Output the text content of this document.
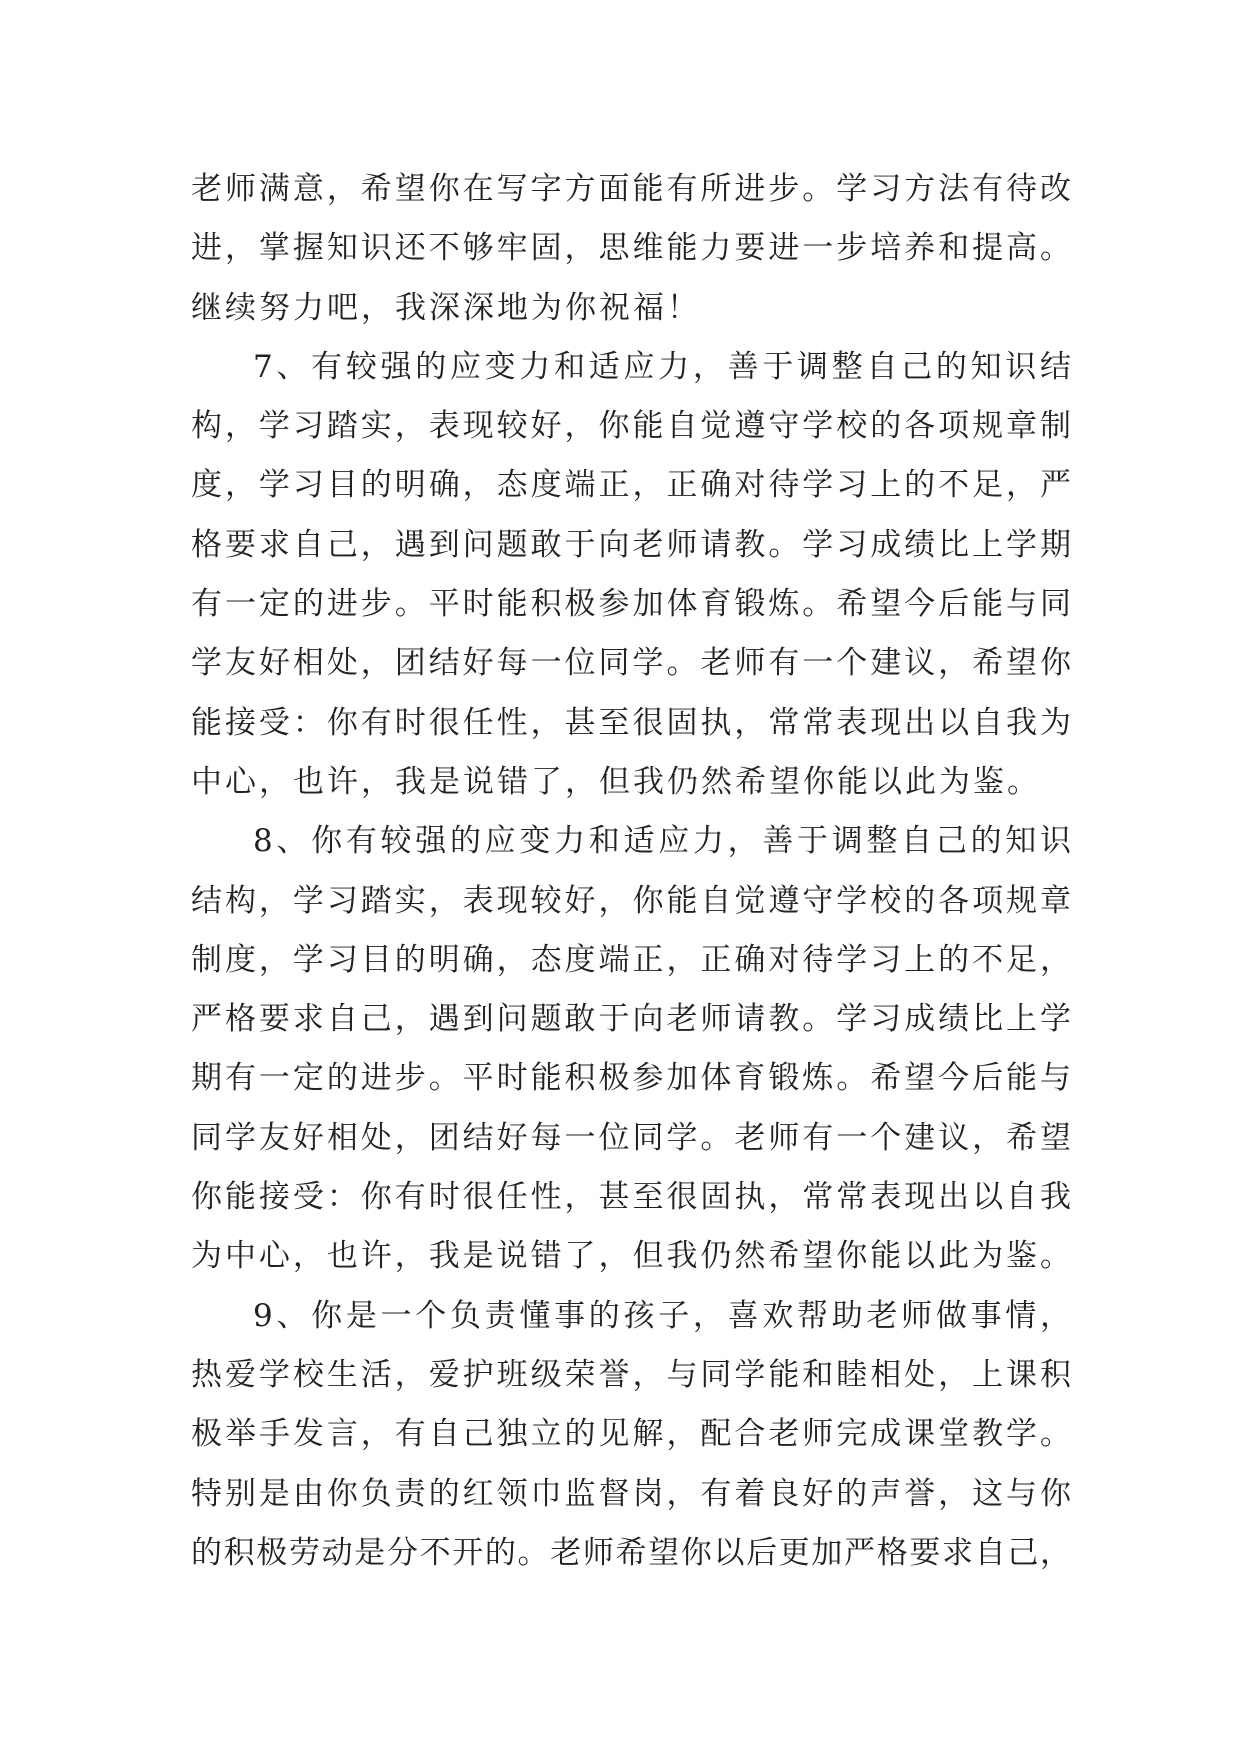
老师满意，希望你在写字方面能有所进步。学习方法有待改
进，掌握知识还不够牢固，思维能力要进一步培养和提高。
继续努力吧，我深深地为你祝福！
7、有较强的应变力和适应力，善于调整自己的知识结
构，学习踏实，表现较好，你能自觉遵守学校的各项规章制
度，学习目的明确，态度端正，正确对待学习上的不足，严
格要求自己，遇到问题敢于向老师请教。学习成绩比上学期
有一定的进步。平时能积极参加体育锻炼。希望今后能与同
学友好相处，团结好每一位同学。老师有一个建议，希望你
能接受：你有时很任性，甚至很固执，常常表现出以自我为
中心，也许，我是说错了，但我仍然希望你能以此为鉴。
8、你有较强的应变力和适应力，善于调整自己的知识
结构，学习踏实，表现较好，你能自觉遵守学校的各项规章
制度，学习目的明确，态度端正，正确对待学习上的不足，
严格要求自己，遇到问题敢于向老师请教。学习成绩比上学
期有一定的进步。平时能积极参加体育锻炼。希望今后能与
同学友好相处，团结好每一位同学。老师有一个建议，希望
你能接受：你有时很任性，甚至很固执，常常表现出以自我
为中心，也许，我是说错了，但我仍然希望你能以此为鉴。
9、你是一个负责懂事的孩子，喜欢帮助老师做事情，
热爱学校生活，爱护班级荣誉，与同学能和睦相处，上课积
极举手发言，有自己独立的见解，配合老师完成课堂教学。
特别是由你负责的红领巾监督岗，有着良好的声誉，这与你
的积极劳动是分不开的。老师希望你以后更加严格要求自己，
